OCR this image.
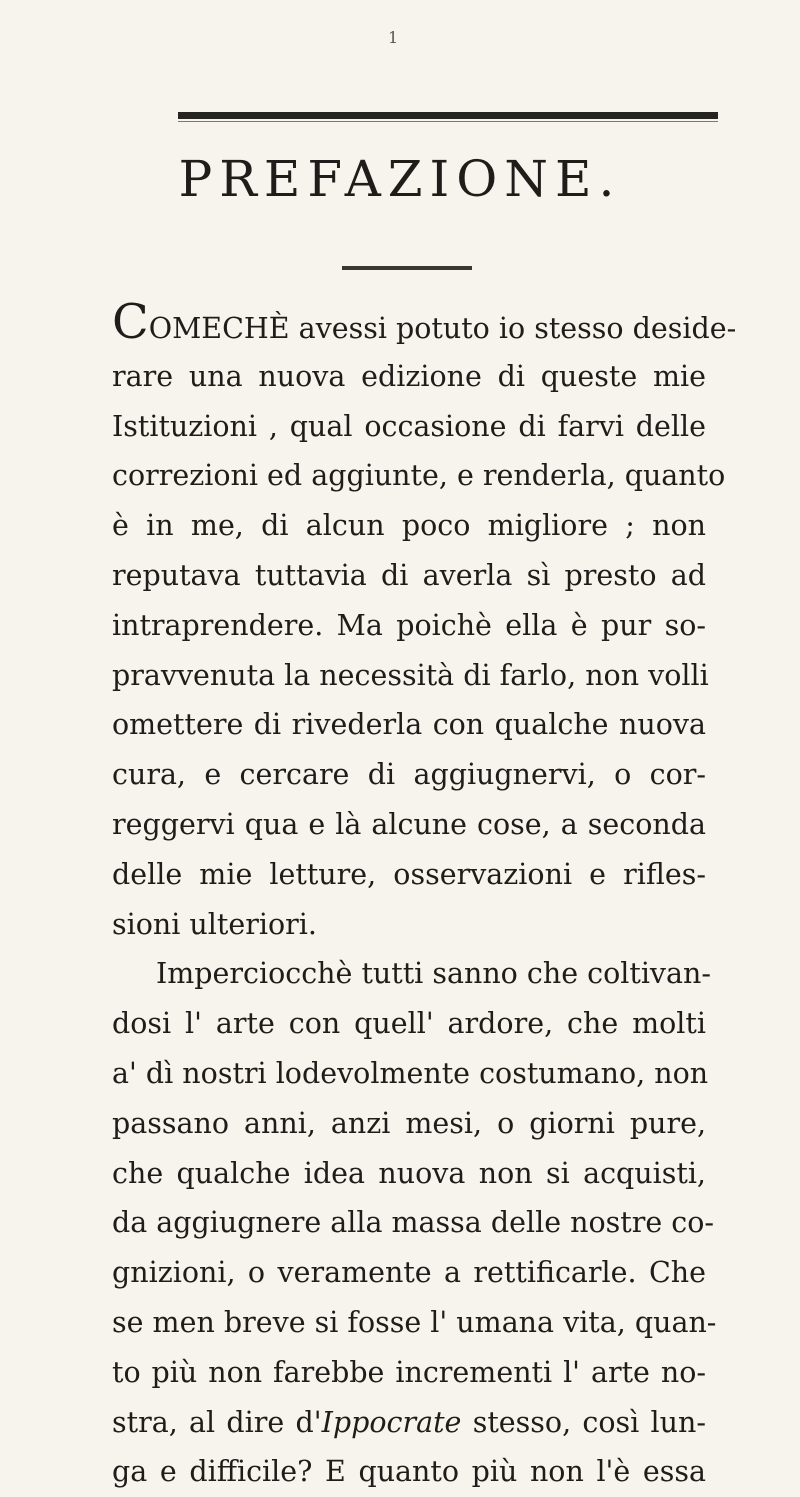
1
PREFAZIONE.
COMECHÈ avessi potuto io stesso deside-
rare una nuova edizione di queste mie
Istituzioni , qual occasione di farvi delle
correzioni ed aggiunte, e renderla, quanto
è in me, di alcun poco migliore ; non
reputava tuttavia di averla sì presto ad
intraprendere. Ma poichè ella è pur so-
pravvenuta la necessità di farlo, non volli
omettere di rivederla con qualche nuova
cura, e cercare di aggiugnervi, o cor-
reggervi qua e là alcune cose, a seconda
delle mie letture, osservazioni e rifles-
sioni ulteriori.
Imperciocchè tutti sanno che coltivan-
dosi l' arte con quell' ardore, che molti
a' dì nostri lodevolmente costumano, non
passano anni, anzi mesi, o giorni pure,
che qualche idea nuova non si acquisti,
da aggiugnere alla massa delle nostre co-
gnizioni, o veramente a rettificarle. Che
se men breve si fosse l' umana vita, quan-
to più non farebbe incrementi l' arte no-
stra, al dire d'Ippocrate stesso, così lun-
ga e difficile? E quanto più non l'è essa
